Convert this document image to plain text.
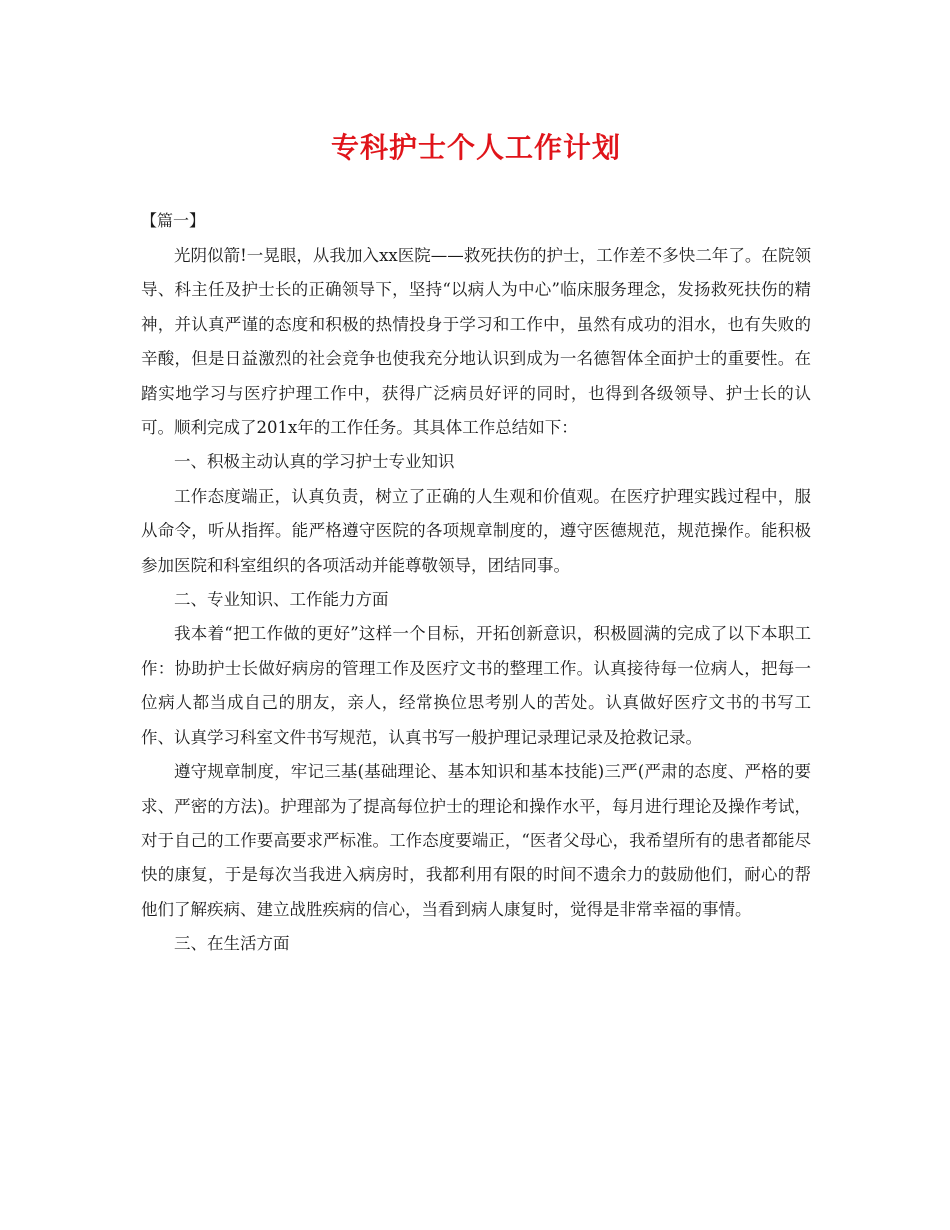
专科护士个人工作计划

【篇一】

光阴似箭!一晃眼，从我加入xx医院——救死扶伤的护士，工作差不多快二年了。在院领导、科主任及护士长的正确领导下，坚持“以病人为中心”临床服务理念，发扬救死扶伤的精神，并认真严谨的态度和积极的热情投身于学习和工作中，虽然有成功的泪水，也有失败的辛酸，但是日益激烈的社会竞争也使我充分地认识到成为一名德智体全面护士的重要性。在踏实地学习与医疗护理工作中，获得广泛病员好评的同时，也得到各级领导、护士长的认可。顺利完成了201x年的工作任务。其具体工作总结如下：

一、积极主动认真的学习护士专业知识

工作态度端正，认真负责，树立了正确的人生观和价值观。在医疗护理实践过程中，服从命令，听从指挥。能严格遵守医院的各项规章制度的，遵守医德规范，规范操作。能积极参加医院和科室组织的各项活动并能尊敬领导，团结同事。

二、专业知识、工作能力方面

我本着“把工作做的更好”这样一个目标，开拓创新意识，积极圆满的完成了以下本职工作：协助护士长做好病房的管理工作及医疗文书的整理工作。认真接待每一位病人，把每一位病人都当成自己的朋友，亲人，经常换位思考别人的苦处。认真做好医疗文书的书写工作、认真学习科室文件书写规范，认真书写一般护理记录理记录及抢救记录。

遵守规章制度，牢记三基(基础理论、基本知识和基本技能)三严(严肃的态度、严格的要求、严密的方法)。护理部为了提高每位护士的理论和操作水平，每月进行理论及操作考试，对于自己的工作要高要求严标准。工作态度要端正，“医者父母心，我希望所有的患者都能尽快的康复，于是每次当我进入病房时，我都利用有限的时间不遗余力的鼓励他们，耐心的帮他们了解疾病、建立战胜疾病的信心，当看到病人康复时，觉得是非常幸福的事情。

三、在生活方面
